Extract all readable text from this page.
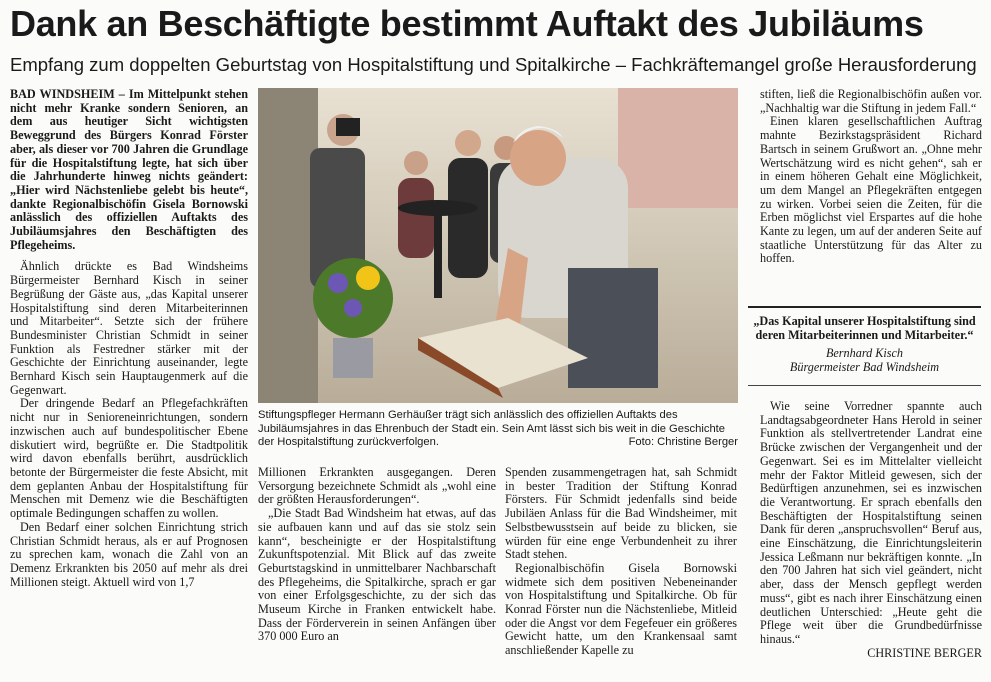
Dank an Beschäftigte bestimmt Auftakt des Jubiläums
Empfang zum doppelten Geburtstag von Hospitalstiftung und Spitalkirche – Fachkräftemangel große Herausforderung

BAD WINDSHEIM – Im Mittelpunkt stehen nicht mehr Kranke sondern Senioren, an dem aus heutiger Sicht wichtigsten Beweggrund des Bürgers Konrad Förster aber, als dieser vor 700 Jahren die Grundlage für die Hospitalstiftung legte, hat sich über die Jahrhunderte hinweg nichts geändert: „Hier wird Nächstenliebe gelebt bis heute“, dankte Regionalbischöfin Gisela Bornowski anlässlich des offiziellen Auftakts des Jubiläumsjahres den Beschäftigten des Pflegeheims.

Ähnlich drückte es Bad Windsheims Bürgermeister Bernhard Kisch in seiner Begrüßung der Gäste aus, „das Kapital unserer Hospitalstiftung sind deren Mitarbeiterinnen und Mitarbeiter“. Setzte sich der frühere Bundesminister Christian Schmidt in seiner Funktion als Festredner stärker mit der Geschichte der Einrichtung auseinander, legte Bernhard Kisch sein Hauptaugenmerk auf die Gegenwart.

Der dringende Bedarf an Pflegefachkräften nicht nur in Senioreneinrichtungen, sondern inzwischen auch auf bundespolitischer Ebene diskutiert wird, begrüßte er. Die Stadtpolitik wird davon ebenfalls berührt, ausdrücklich betonte der Bürgermeister die feste Absicht, mit dem geplanten Anbau der Hospitalstiftung für Menschen mit Demenz wie die Beschäftigten optimale Bedingungen schaffen zu wollen.

Den Bedarf einer solchen Einrichtung strich Christian Schmidt heraus, als er auf Prognosen zu sprechen kam, wonach die Zahl von an Demenz Erkrankten bis 2050 auf mehr als drei Millionen steigt. Aktuell wird von 1,7

Stiftungspfleger Hermann Gerhäußer trägt sich anlässlich des offiziellen Auftakts des Jubiläumsjahres in das Ehrenbuch der Stadt ein. Sein Amt lässt sich bis weit in die Geschichte der Hospitalstiftung zurückverfolgen.	Foto: Christine Berger

Millionen Erkrankten ausgegangen. Deren Versorgung bezeichnete Schmidt als „wohl eine der größten Herausforderungen“.

„Die Stadt Bad Windsheim hat etwas, auf das sie aufbauen kann und auf das sie stolz sein kann“, bescheinigte er der Hospitalstiftung Zukunftspotenzial. Mit Blick auf das zweite Geburtstagskind in unmittelbarer Nachbarschaft des Pflegeheims, die Spitalkirche, sprach er gar von einer Erfolgsgeschichte, zu der sich das Museum Kirche in Franken entwickelt habe. Dass der Förderverein in seinen Anfängen über 370 000 Euro an

Spenden zusammengetragen hat, sah Schmidt in bester Tradition der Stiftung Konrad Försters. Für Schmidt jedenfalls sind beide Jubiläen Anlass für die Bad Windsheimer, mit Selbstbewusstsein auf beide zu blicken, sie würden für eine enge Verbundenheit zu ihrer Stadt stehen.

Regionalbischöfin Gisela Bornowski widmete sich dem positiven Nebeneinander von Hospitalstiftung und Spitalkirche. Ob für Konrad Förster nun die Nächstenliebe, Mitleid oder die Angst vor dem Fegefeuer ein größeres Gewicht hatte, um den Krankensaal samt anschließender Kapelle zu

stiften, ließ die Regionalbischöfin außen vor. „Nachhaltig war die Stiftung in jedem Fall.“

Einen klaren gesellschaftlichen Auftrag mahnte Bezirkstagspräsident Richard Bartsch in seinem Grußwort an. „Ohne mehr Wertschätzung wird es nicht gehen“, sah er in einem höheren Gehalt eine Möglichkeit, um dem Mangel an Pflegekräften entgegen zu wirken. Vorbei seien die Zeiten, für die Erben möglichst viel Erspartes auf die hohe Kante zu legen, um auf der anderen Seite auf staatliche Unterstützung für das Alter zu hoffen.

„Das Kapital unserer Hospitalstiftung sind deren Mitarbeiterinnen und Mitarbeiter.“
Bernhard Kisch
Bürgermeister Bad Windsheim

Wie seine Vorredner spannte auch Landtagsabgeordneter Hans Herold in seiner Funktion als stellvertretender Landrat eine Brücke zwischen der Vergangenheit und der Gegenwart. Sei es im Mittelalter vielleicht mehr der Faktor Mitleid gewesen, sich der Bedürftigen anzunehmen, sei es inzwischen die Verantwortung. Er sprach ebenfalls den Beschäftigten der Hospitalstiftung seinen Dank für deren „anspruchsvollen“ Beruf aus, eine Einschätzung, die Einrichtungsleiterin Jessica Leßmann nur bekräftigen konnte. „In den 700 Jahren hat sich viel geändert, nicht aber, dass der Mensch gepflegt werden muss“, gibt es nach ihrer Einschätzung einen deutlichen Unterschied: „Heute geht die Pflege weit über die Grundbedürfnisse hinaus.“

CHRISTINE BERGER
